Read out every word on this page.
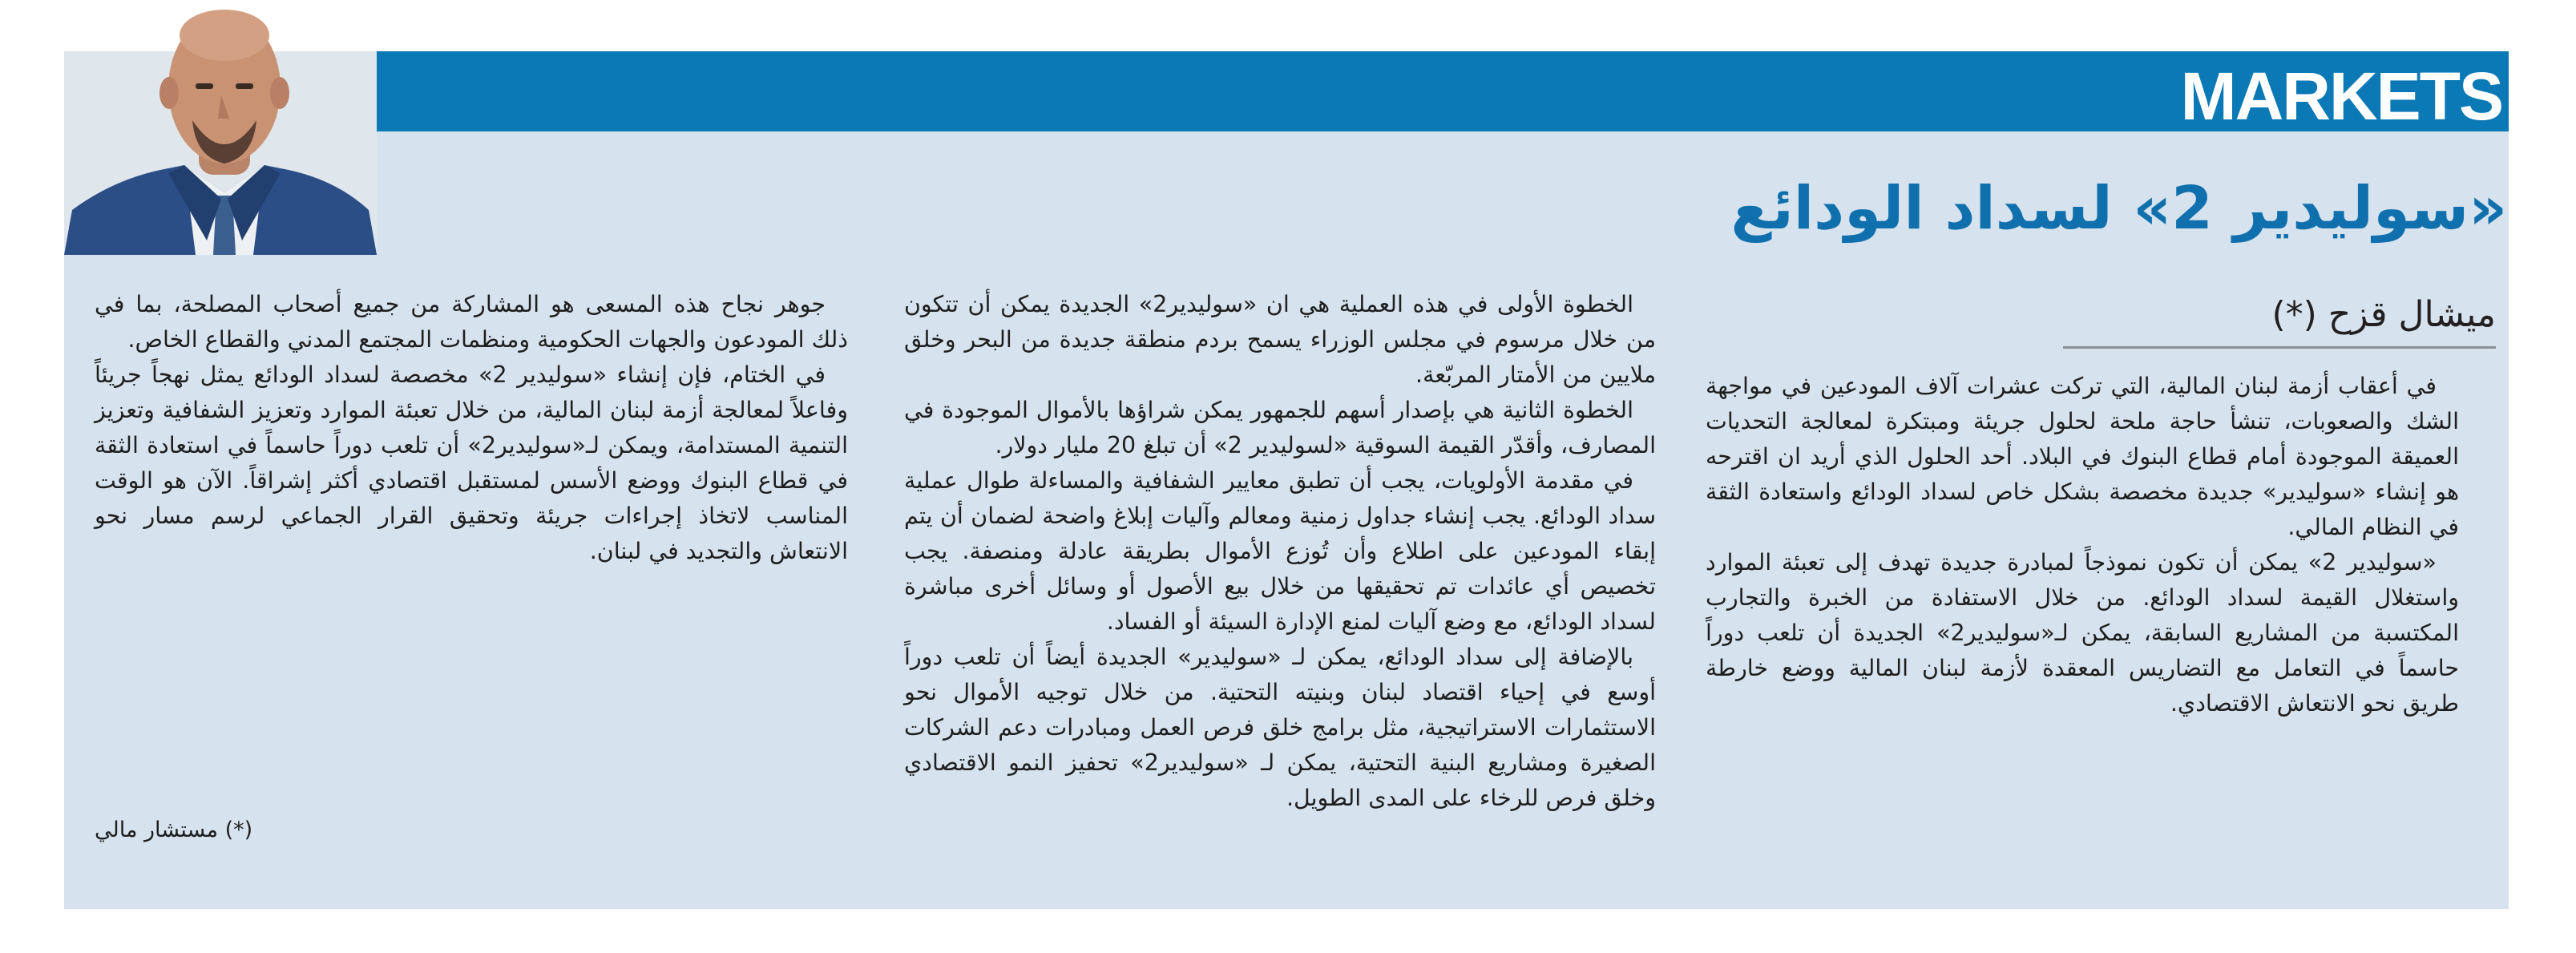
MARKETS
«سوليدير 2» لسداد الودائع
ميشال قزح (*)

في أعقاب أزمة لبنان المالية، التي تركت عشرات آلاف المودعين في مواجهة الشك والصعوبات، تنشأ حاجة ملحة لحلول جريئة ومبتكرة لمعالجة التحديات العميقة الموجودة أمام قطاع البنوك في البلاد. أحد الحلول الذي أريد ان اقترحه هو إنشاء «سوليدير» جديدة مخصصة بشكل خاص لسداد الودائع واستعادة الثقة في النظام المالي.

«سوليدير 2» يمكن أن تكون نموذجاً لمبادرة جديدة تهدف إلى تعبئة الموارد واستغلال القيمة لسداد الودائع. من خلال الاستفادة من الخبرة والتجارب المكتسبة من المشاريع السابقة، يمكن لـ«سوليدير2» الجديدة أن تلعب دوراً حاسماً في التعامل مع التضاريس المعقدة لأزمة لبنان المالية ووضع خارطة طريق نحو الانتعاش الاقتصادي.

الخطوة الأولى في هذه العملية هي ان «سوليدير2» الجديدة يمكن أن تتكون من خلال مرسوم في مجلس الوزراء يسمح بردم منطقة جديدة من البحر وخلق ملايين من الأمتار المربّعة.

الخطوة الثانية هي بإصدار أسهم للجمهور يمكن شراؤها بالأموال الموجودة في المصارف، وأقدّر القيمة السوقية «لسوليدير 2» أن تبلغ 20 مليار دولار.

في مقدمة الأولويات، يجب أن تطبق معايير الشفافية والمساءلة طوال عملية سداد الودائع. يجب إنشاء جداول زمنية ومعالم وآليات إبلاغ واضحة لضمان أن يتم إبقاء المودعين على اطلاع وأن تُوزع الأموال بطريقة عادلة ومنصفة. يجب تخصيص أي عائدات تم تحقيقها من خلال بيع الأصول أو وسائل أخرى مباشرة لسداد الودائع، مع وضع آليات لمنع الإدارة السيئة أو الفساد.

بالإضافة إلى سداد الودائع، يمكن لـ «سوليدير» الجديدة أيضاً أن تلعب دوراً أوسع في إحياء اقتصاد لبنان وبنيته التحتية. من خلال توجيه الأموال نحو الاستثمارات الاستراتيجية، مثل برامج خلق فرص العمل ومبادرات دعم الشركات الصغيرة ومشاريع البنية التحتية، يمكن لـ «سوليدير2» تحفيز النمو الاقتصادي وخلق فرص للرخاء على المدى الطويل.

جوهر نجاح هذه المسعى هو المشاركة من جميع أصحاب المصلحة، بما في ذلك المودعون والجهات الحكومية ومنظمات المجتمع المدني والقطاع الخاص.

في الختام، فإن إنشاء «سوليدير 2» مخصصة لسداد الودائع يمثل نهجاً جريئاً وفاعلاً لمعالجة أزمة لبنان المالية، من خلال تعبئة الموارد وتعزيز الشفافية وتعزيز التنمية المستدامة، ويمكن لـ«سوليدير2» أن تلعب دوراً حاسماً في استعادة الثقة في قطاع البنوك ووضع الأسس لمستقبل اقتصادي أكثر إشراقاً. الآن هو الوقت المناسب لاتخاذ إجراءات جريئة وتحقيق القرار الجماعي لرسم مسار نحو الانتعاش والتجديد في لبنان.

(*) مستشار مالي
